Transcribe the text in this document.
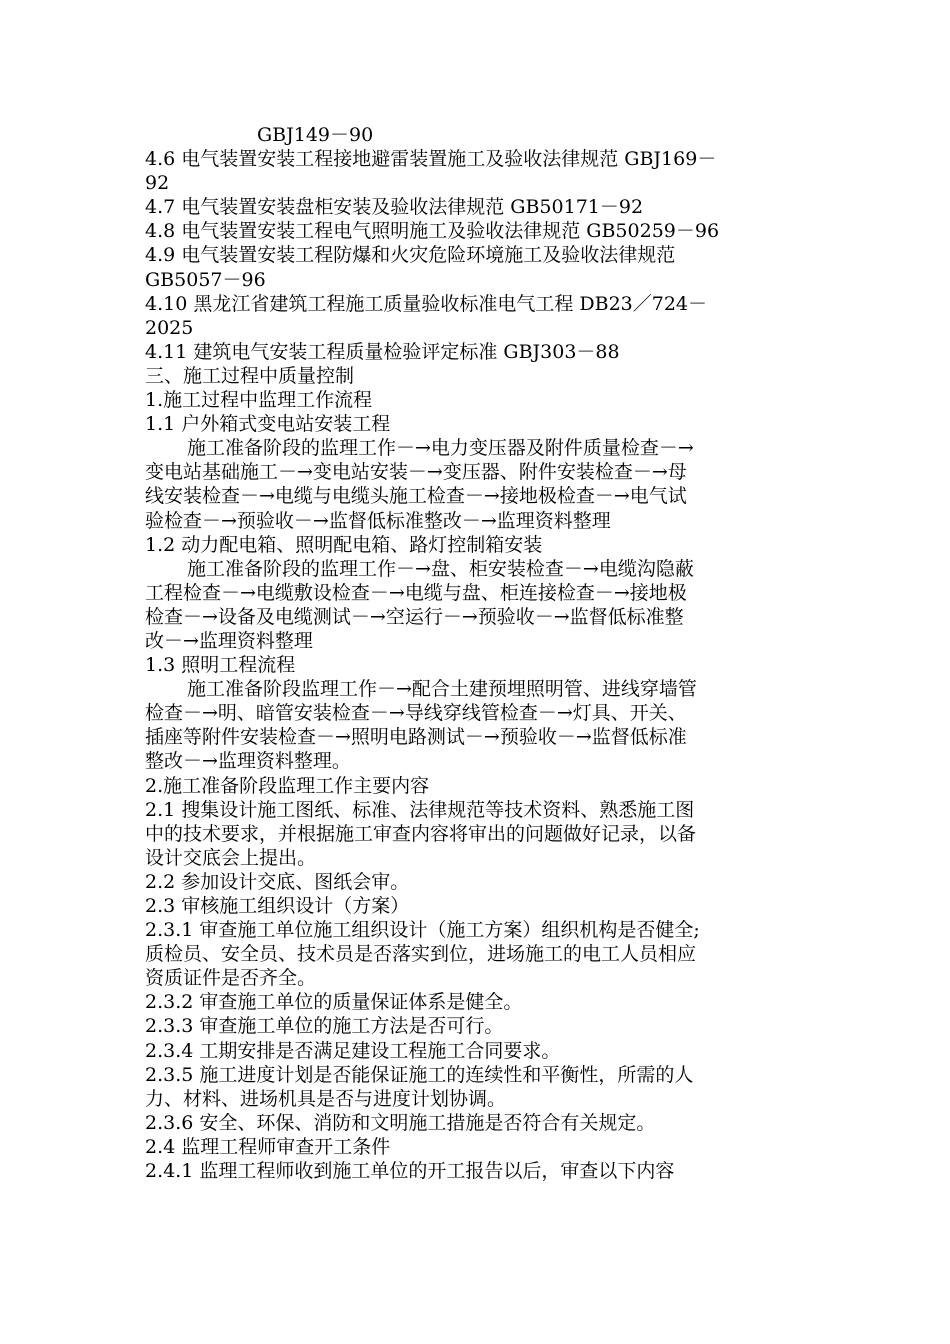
GBJ149－90

4.6 电气装置安装工程接地避雷装置施工及验收法律规范 GBJ169－

92

4.7 电气装置安装盘柜安装及验收法律规范 GB50171－92

4.8 电气装置安装工程电气照明施工及验收法律规范 GB50259－96

4.9 电气装置安装工程防爆和火灾危险环境施工及验收法律规范

GB5057－96

4.10 黑龙江省建筑工程施工质量验收标准电气工程 DB23／724－

2025

4.11 建筑电气安装工程质量检验评定标准 GBJ303－88

三、施工过程中质量控制

1.施工过程中监理工作流程

1.1 户外箱式变电站安装工程

施工准备阶段的监理工作－→电力变压器及附件质量检查－→

变电站基础施工－→变电站安装－→变压器、附件安装检查－→母

线安装检查－→电缆与电缆头施工检查－→接地极检查－→电气试

验检查－→预验收－→监督低标准整改－→监理资料整理

1.2 动力配电箱、照明配电箱、路灯控制箱安装

施工准备阶段的监理工作－→盘、柜安装检查－→电缆沟隐蔽

工程检查－→电缆敷设检查－→电缆与盘、柜连接检查－→接地极

检查－→设备及电缆测试－→空运行－→预验收－→监督低标准整

改－→监理资料整理

1.3 照明工程流程

施工准备阶段监理工作－→配合土建预埋照明管、进线穿墙管

检查－→明、暗管安装检查－→导线穿线管检查－→灯具、开关、

插座等附件安装检查－→照明电路测试－→预验收－→监督低标准

整改－→监理资料整理。

2.施工准备阶段监理工作主要内容

2.1 搜集设计施工图纸、标准、法律规范等技术资料、熟悉施工图

中的技术要求，并根据施工审查内容将审出的问题做好记录，以备

设计交底会上提出。

2.2 参加设计交底、图纸会审。

2.3 审核施工组织设计（方案）

2.3.1 审查施工单位施工组织设计（施工方案）组织机构是否健全;

质检员、安全员、技术员是否落实到位，进场施工的电工人员相应

资质证件是否齐全。

2.3.2 审查施工单位的质量保证体系是健全。

2.3.3 审查施工单位的施工方法是否可行。

2.3.4 工期安排是否满足建设工程施工合同要求。

2.3.5 施工进度计划是否能保证施工的连续性和平衡性，所需的人

力、材料、进场机具是否与进度计划协调。

2.3.6 安全、环保、消防和文明施工措施是否符合有关规定。

2.4 监理工程师审查开工条件

2.4.1 监理工程师收到施工单位的开工报告以后，审查以下内容
